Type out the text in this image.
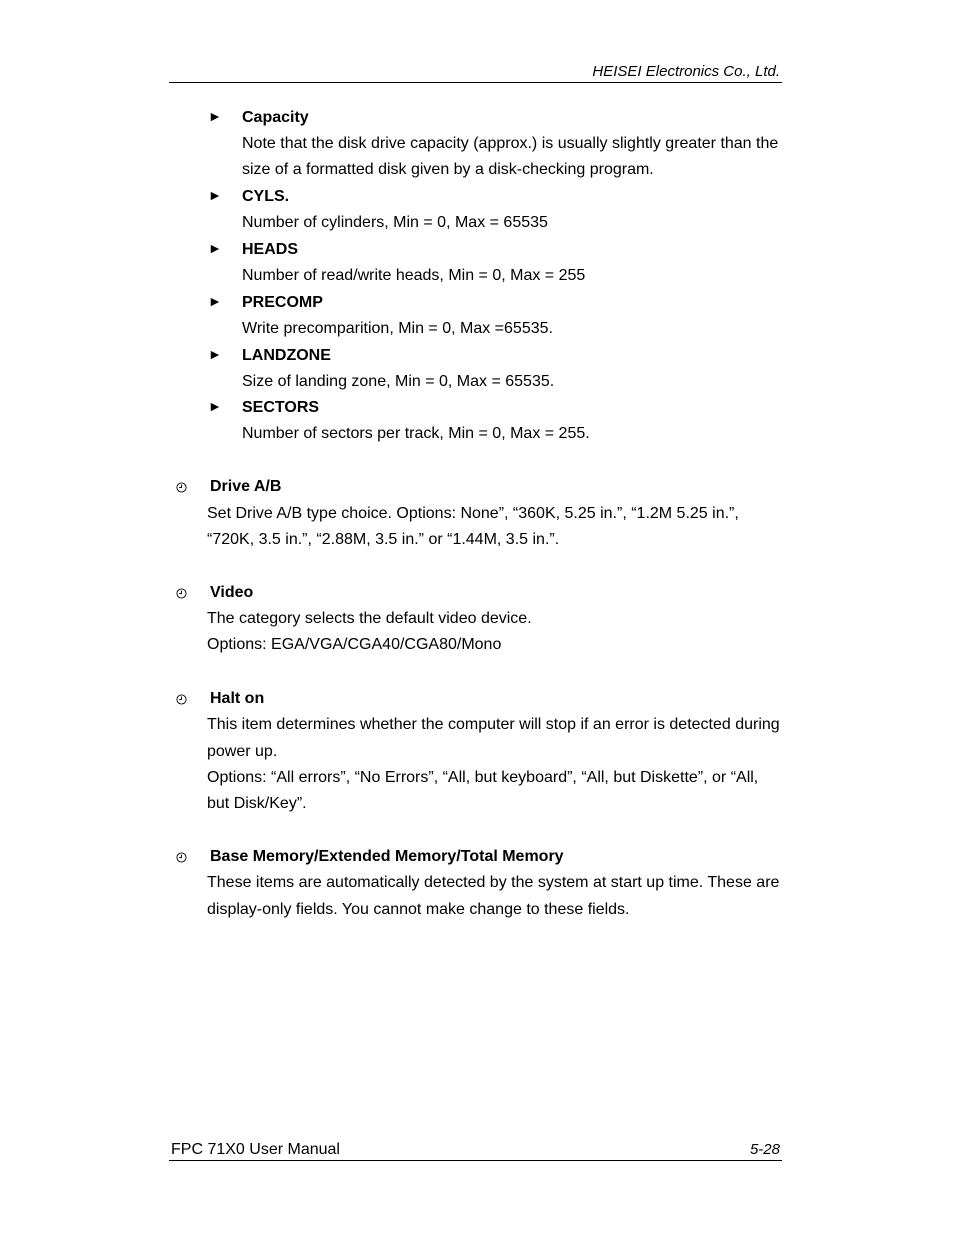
HEISEI Electronics Co., Ltd.
► Capacity
Note that the disk drive capacity (approx.) is usually slightly greater than the
size of a formatted disk given by a disk-checking program.
► CYLS.
Number of cylinders, Min = 0, Max = 65535
► HEADS
Number of read/write heads, Min = 0, Max = 255
► PRECOMP
Write precomparition, Min = 0, Max =65535.
► LANDZONE
Size of landing zone, Min = 0, Max = 65535.
► SECTORS
Number of sectors per track, Min = 0, Max = 255.
Drive A/B
Set Drive A/B type choice. Options: None”, “360K, 5.25 in.”, “1.2M 5.25 in.”,
“720K, 3.5 in.”, “2.88M, 3.5 in.” or “1.44M, 3.5 in.”.
Video
The category selects the default video device.
Options: EGA/VGA/CGA40/CGA80/Mono
Halt on
This item determines whether the computer will stop if an error is detected during
power up.
Options: “All errors”, “No Errors”, “All, but keyboard”, “All, but Diskette”, or “All,
but Disk/Key”.
Base Memory/Extended Memory/Total Memory
These items are automatically detected by the system at start up time. These are
display-only fields. You cannot make change to these fields.
FPC 71X0 User Manual	5-28
